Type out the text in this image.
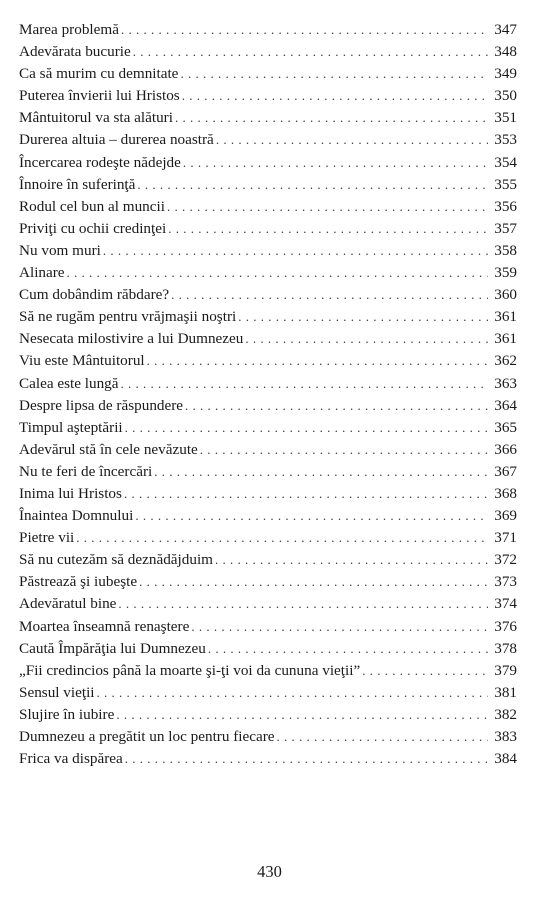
Marea problemă . . .	347
Adevărata bucurie . . .	348
Ca să murim cu demnitate . . .	349
Puterea învierii lui Hristos . . .	350
Mântuitorul va sta alături . . .	351
Durerea altuia – durerea noastră . . .	353
Încercarea rodeşte nădejde . . .	354
Înnoire în suferinţă . . .	355
Rodul cel bun al muncii . . .	356
Priviţi cu ochii credinţei . . .	357
Nu vom muri . . .	358
Alinare . . .	359
Cum dobândim răbdare? . . .	360
Să ne rugăm pentru vrăjmaşii noştri . . .	361
Nesecata milostivire a lui Dumnezeu . . .	361
Viu este Mântuitorul . . .	362
Calea este lungă . . .	363
Despre lipsa de răspundere . . .	364
Timpul aşteptării . . .	365
Adevărul stă în cele nevăzute . . .	366
Nu te feri de încercări . . .	367
Inima lui Hristos . . .	368
Înaintea Domnului . . .	369
Pietre vii . . .	371
Să nu cutezăm să deznădăjduim . . .	372
Păstrează şi iubeşte . . .	373
Adevăratul bine . . .	374
Moartea înseamnă renaştere . . .	376
Caută Împărăţia lui Dumnezeu . . .	378
„Fii credincios până la moarte şi-ţi voi da cununa vieţii” . . .	379
Sensul vieţii . . .	381
Slujire în iubire . . .	382
Dumnezeu a pregătit un loc pentru fiecare . . .	383
Frica va dispărea . . .	384
430
